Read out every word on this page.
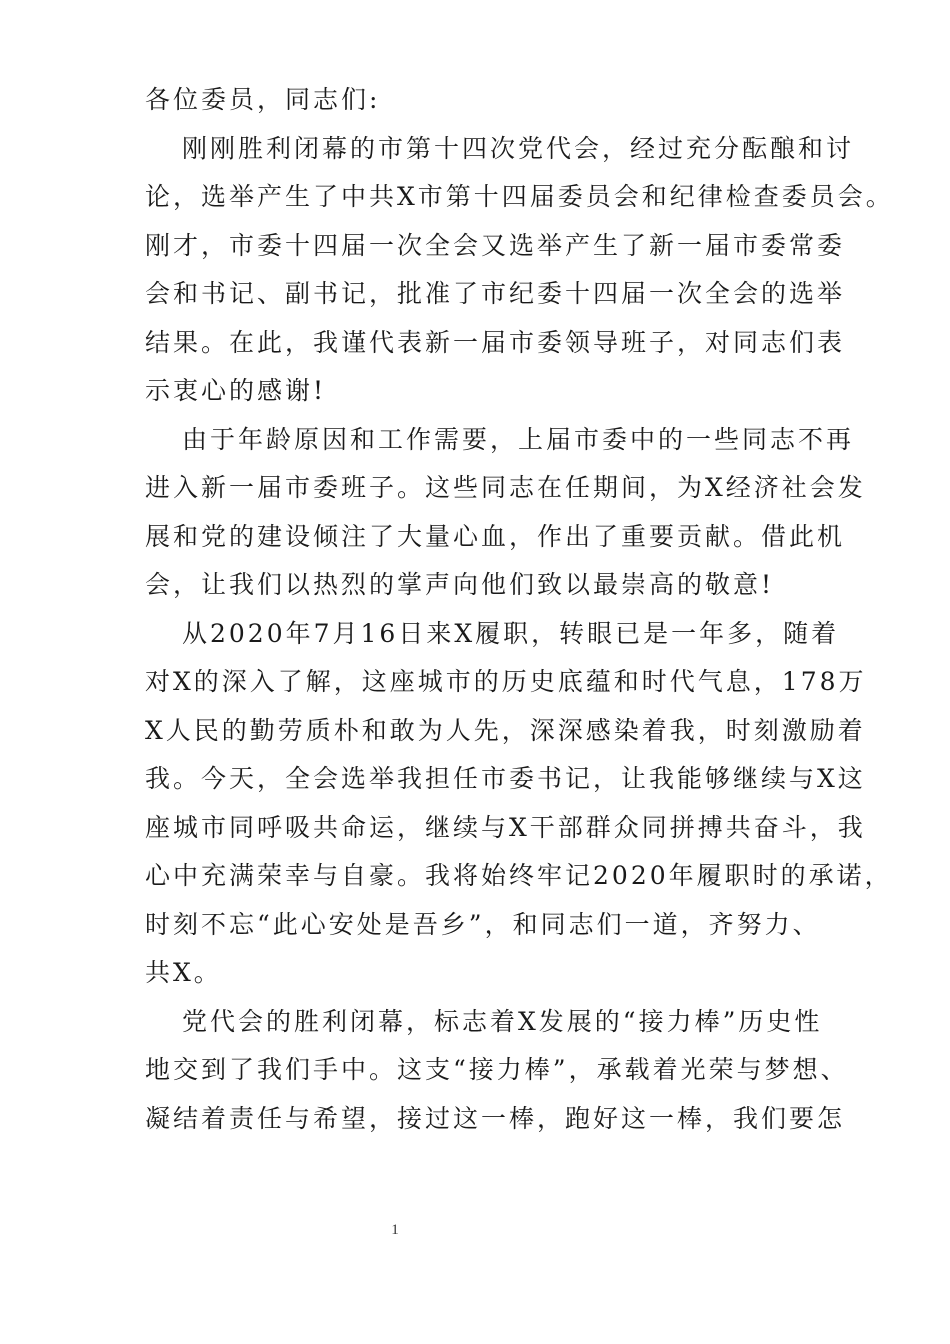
各位委员，同志们:
刚刚胜利闭幕的市第十四次党代会，经过充分酝酿和讨
论，选举产生了中共X市第十四届委员会和纪律检查委员会。
刚才，市委十四届一次全会又选举产生了新一届市委常委
会和书记、副书记，批准了市纪委十四届一次全会的选举
结果。在此，我谨代表新一届市委领导班子，对同志们表
示衷心的感谢!
由于年龄原因和工作需要，上届市委中的一些同志不再
进入新一届市委班子。这些同志在任期间，为X经济社会发
展和党的建设倾注了大量心血，作出了重要贡献。借此机
会，让我们以热烈的掌声向他们致以最崇高的敬意!
从2020年7月16日来X履职，转眼已是一年多，随着
对X的深入了解，这座城市的历史底蕴和时代气息，178万
X人民的勤劳质朴和敢为人先，深深感染着我，时刻激励着
我。今天，全会选举我担任市委书记，让我能够继续与X这
座城市同呼吸共命运，继续与X干部群众同拼搏共奋斗，我
心中充满荣幸与自豪。我将始终牢记2020年履职时的承诺，
时刻不忘“此心安处是吾乡”，和同志们一道，齐努力、
共X。
党代会的胜利闭幕，标志着X发展的“接力棒”历史性
地交到了我们手中。这支“接力棒”，承载着光荣与梦想、
凝结着责任与希望，接过这一棒，跑好这一棒，我们要怎
1
